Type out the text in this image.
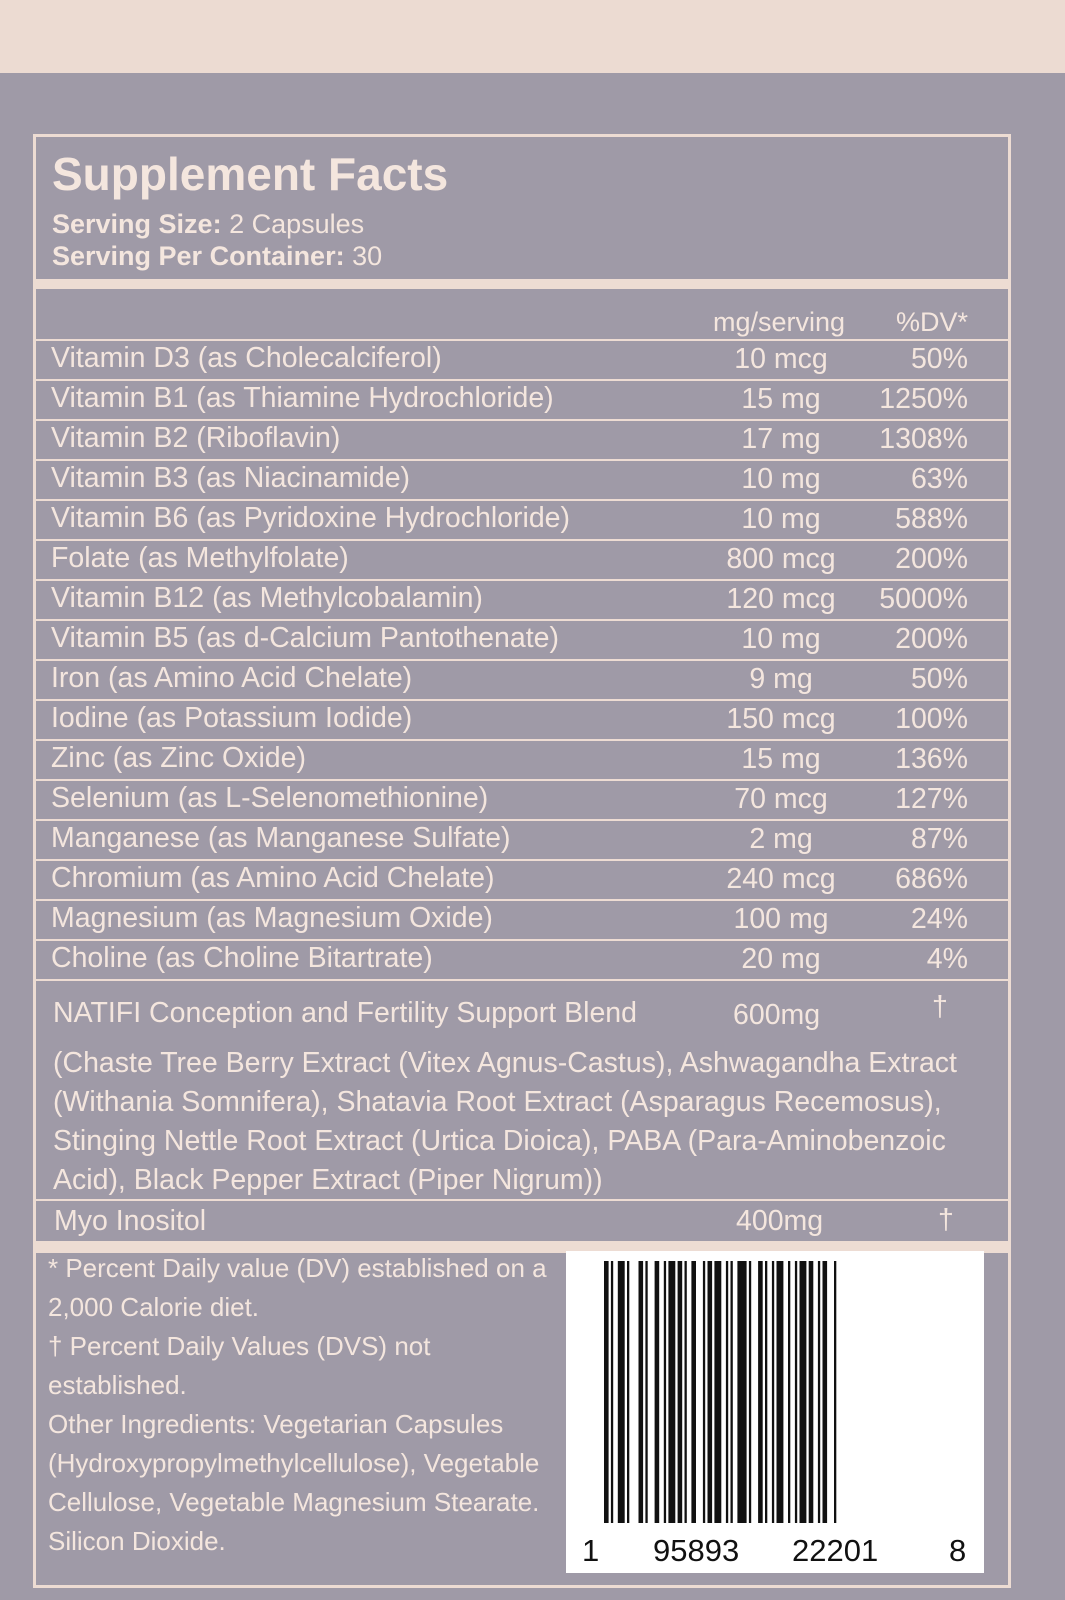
Supplement Facts
Serving Size: 2 Capsules
Serving Per Container: 30
mg/serving %DV*
Vitamin D3 (as Cholecalciferol)	10 mcg	50%
Vitamin B1 (as Thiamine Hydrochloride)	15 mg	1250%
Vitamin B2 (Riboflavin)	17 mg	1308%
Vitamin B3 (as Niacinamide)	10 mg	63%
Vitamin B6 (as Pyridoxine Hydrochloride)	10 mg	588%
Folate (as Methylfolate)	800 mcg	200%
Vitamin B12 (as Methylcobalamin)	120 mcg	5000%
Vitamin B5 (as d-Calcium Pantothenate)	10 mg	200%
Iron (as Amino Acid Chelate)	9 mg	50%
Iodine (as Potassium Iodide)	150 mcg	100%
Zinc (as Zinc Oxide)	15 mg	136%
Selenium (as L-Selenomethionine)	70 mcg	127%
Manganese (as Manganese Sulfate)	2 mg	87%
Chromium (as Amino Acid Chelate)	240 mcg	686%
Magnesium (as Magnesium Oxide)	100 mg	24%
Choline (as Choline Bitartrate)	20 mg	4%
NATIFI Conception and Fertility Support Blend	600mg	†
(Chaste Tree Berry Extract (Vitex Agnus-Castus), Ashwagandha Extract (Withania Somnifera), Shatavia Root Extract (Asparagus Recemosus), Stinging Nettle Root Extract (Urtica Dioica), PABA (Para-Aminobenzoic Acid), Black Pepper Extract (Piper Nigrum))
Myo Inositol	400mg	†

* Percent Daily value (DV) established on a 2,000 Calorie diet.

† Percent Daily Values (DVS) not established.

Other Ingredients: Vegetarian Capsules (Hydroxypropylmethylcellulose), Vegetable Cellulose, Vegetable Magnesium Stearate. Silicon Dioxide.	1 95893 22201 8
